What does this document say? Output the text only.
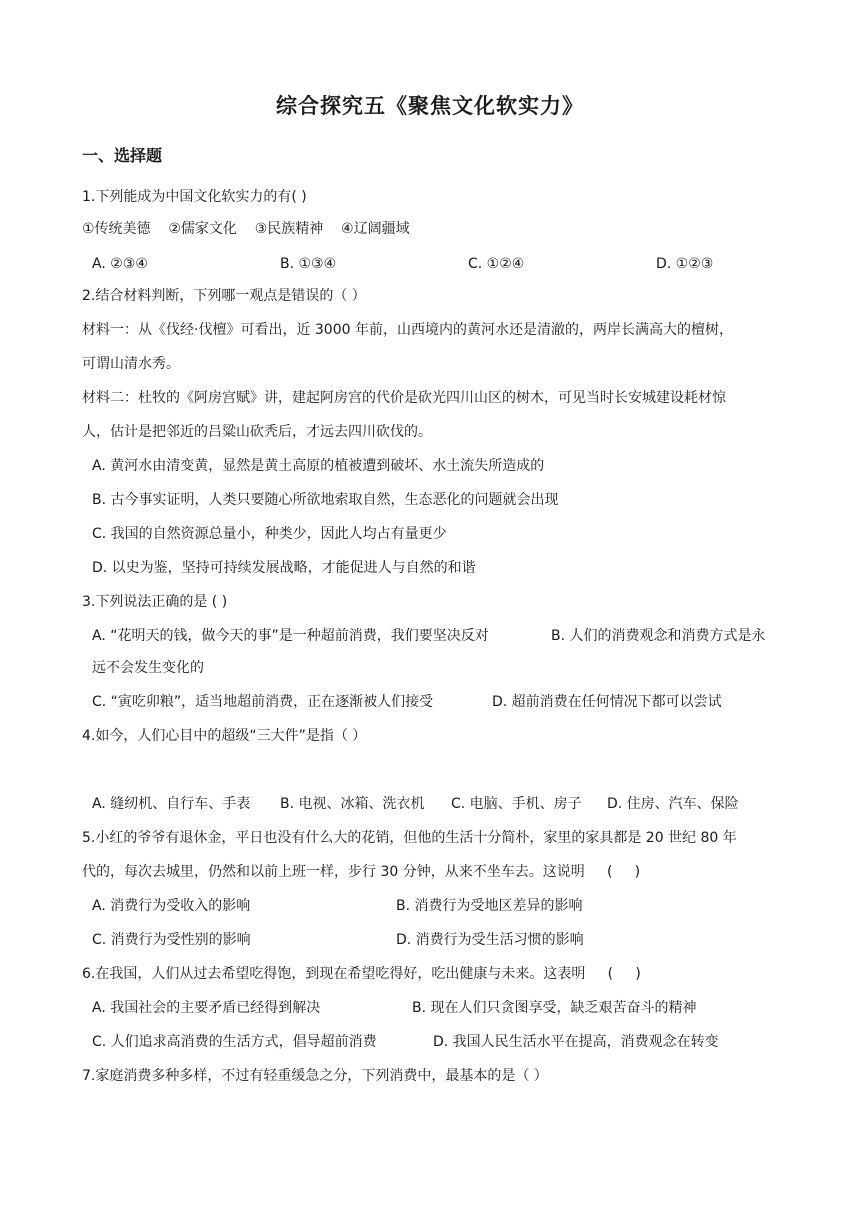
综合探究五《聚焦文化软实力》
一、选择题
1.下列能成为中国文化软实力的有( )
①传统美德    ②儒家文化    ③民族精神    ④辽阔疆域
A. ②③④	B. ①③④	C. ①②④	D. ①②③
2.结合材料判断，下列哪一观点是错误的（ ）
材料一：从《伐经·伐檀》可看出，近 3000 年前，山西境内的黄河水还是清澈的，两岸长满高大的檀树，
可谓山清水秀。
材料二：杜牧的《阿房宫赋》讲，建起阿房宫的代价是砍光四川山区的树木，可见当时长安城建设耗材惊
人，估计是把邻近的吕粱山砍秃后，才远去四川砍伐的。
A. 黄河水由清变黄，显然是黄土高原的植被遭到破坏、水土流失所造成的
B. 古今事实证明，人类只要随心所欲地索取自然，生态恶化的问题就会出现
C. 我国的自然资源总量小，种类少，因此人均占有量更少
D. 以史为鉴，坚持可持续发展战略，才能促进人与自然的和谐
3.下列说法正确的是 ( )
A. “花明天的钱，做今天的事”是一种超前消费，我们要坚决反对	B. 人们的消费观念和消费方式是永
远不会发生变化的
C. “寅吃卯粮”，适当地超前消费，正在逐渐被人们接受	D. 超前消费在任何情况下都可以尝试
4.如今，人们心目中的超级“三大件”是指（ ）
A. 缝纫机、自行车、手表 B. 电视、冰箱、洗衣机 C. 电脑、手机、房子 D. 住房、汽车、保险
5.小红的爷爷有退休金，平日也没有什么大的花销，但他的生活十分简朴，家里的家具都是 20 世纪 80 年
代的，每次去城里，仍然和以前上班一样，步行 30 分钟，从来不坐车去。这说明     (     )
A. 消费行为受收入的影响	B. 消费行为受地区差异的影响
C. 消费行为受性别的影响	D. 消费行为受生活习惯的影响
6.在我国，人们从过去希望吃得饱，到现在希望吃得好，吃出健康与未来。这表明     (     )
A. 我国社会的主要矛盾已经得到解决	B. 现在人们只贪图享受，缺乏艰苦奋斗的精神
C. 人们追求高消费的生活方式，倡导超前消费	D. 我国人民生活水平在提高，消费观念在转变
7.家庭消费多种多样，不过有轻重缓急之分，下列消费中，最基本的是（ ）
